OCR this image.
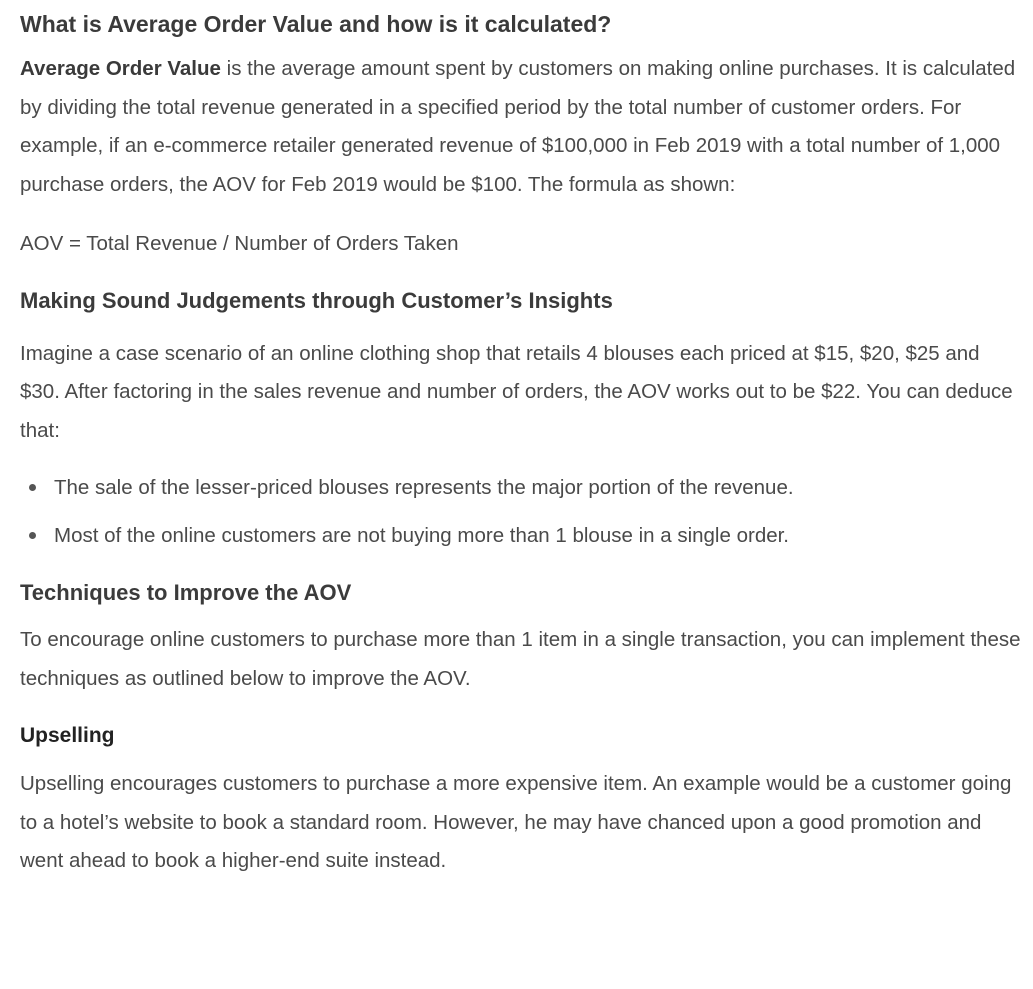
What is Average Order Value and how is it calculated?

Average Order Value is the average amount spent by customers on making online purchases. It is calculated by dividing the total revenue generated in a specified period by the total number of customer orders. For example, if an e-commerce retailer generated revenue of $100,000 in Feb 2019 with a total number of 1,000 purchase orders, the AOV for Feb 2019 would be $100. The formula as shown:

AOV = Total Revenue / Number of Orders Taken

Making Sound Judgements through Customer’s Insights

Imagine a case scenario of an online clothing shop that retails 4 blouses each priced at $15, $20, $25 and $30. After factoring in the sales revenue and number of orders, the AOV works out to be $22. You can deduce that:

The sale of the lesser-priced blouses represents the major portion of the revenue.
Most of the online customers are not buying more than 1 blouse in a single order.
Techniques to Improve the AOV

To encourage online customers to purchase more than 1 item in a single transaction, you can implement these techniques as outlined below to improve the AOV.

Upselling

Upselling encourages customers to purchase a more expensive item. An example would be a customer going to a hotel’s website to book a standard room. However, he may have chanced upon a good promotion and went ahead to book a higher-end suite instead.
